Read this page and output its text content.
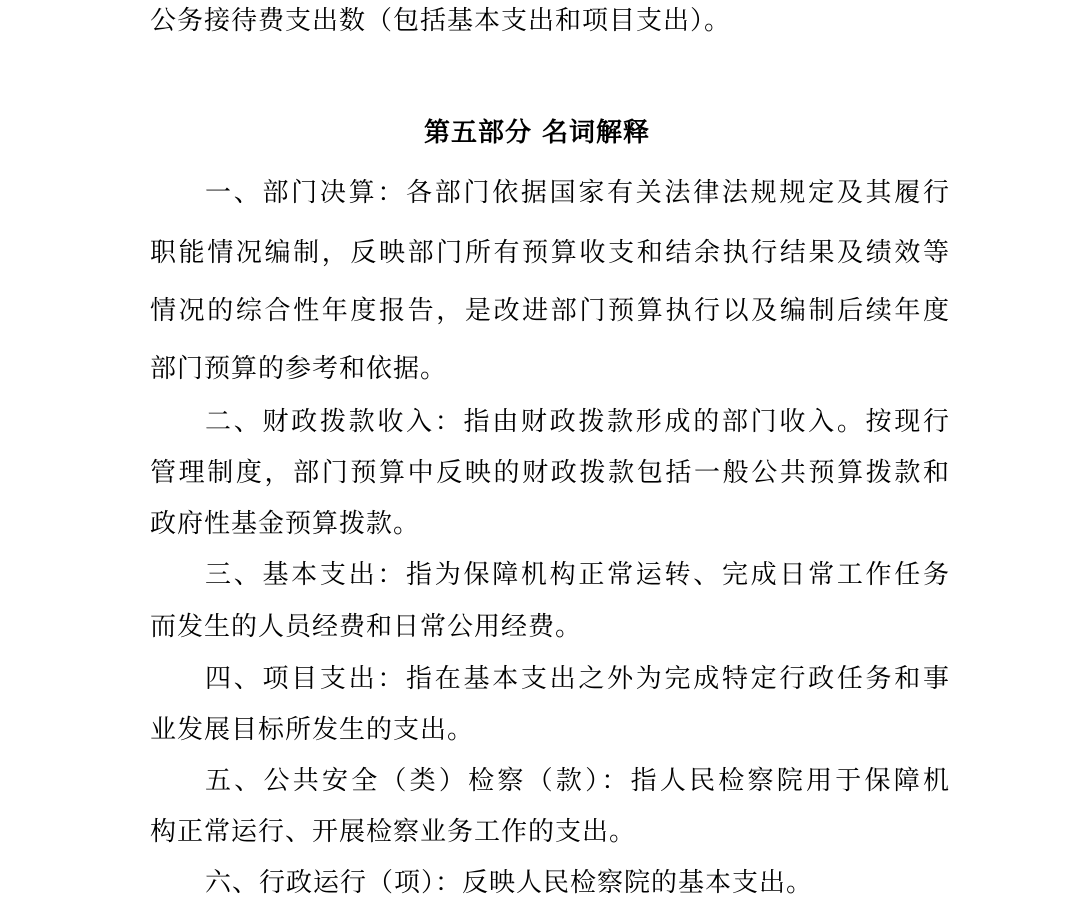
公务接待费支出数（包括基本支出和项目支出）。
第五部分 名词解释
一、部门决算：各部门依据国家有关法律法规规定及其履行
职能情况编制，反映部门所有预算收支和结余执行结果及绩效等
情况的综合性年度报告，是改进部门预算执行以及编制后续年度
部门预算的参考和依据。
二、财政拨款收入：指由财政拨款形成的部门收入。按现行
管理制度，部门预算中反映的财政拨款包括一般公共预算拨款和
政府性基金预算拨款。
三、基本支出：指为保障机构正常运转、完成日常工作任务
而发生的人员经费和日常公用经费。
四、项目支出：指在基本支出之外为完成特定行政任务和事
业发展目标所发生的支出。
五、公共安全（类）检察（款）：指人民检察院用于保障机
构正常运行、开展检察业务工作的支出。
六、行政运行（项）：反映人民检察院的基本支出。
